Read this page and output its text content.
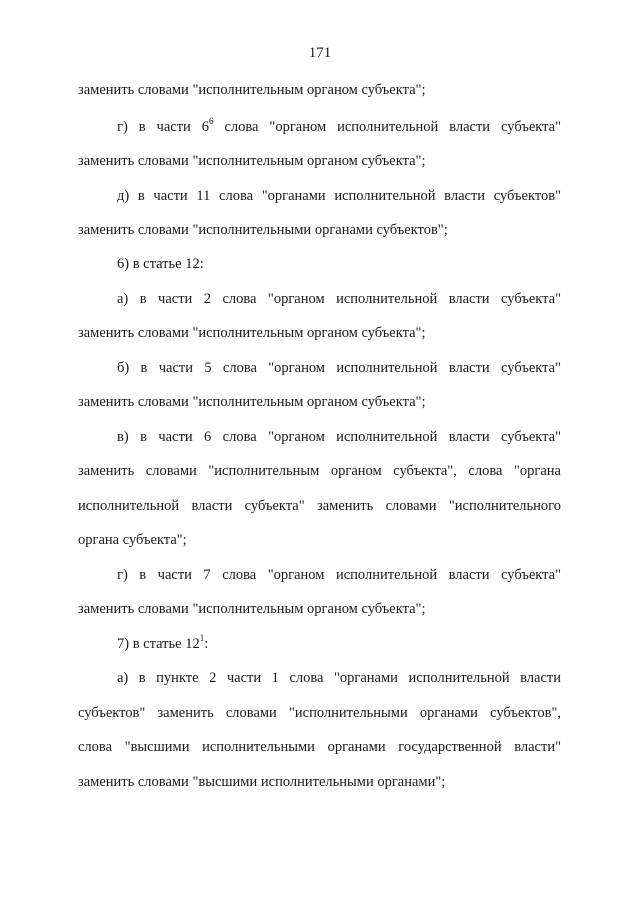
171
заменить словами "исполнительным органом субъекта";
г) в части $6^6$ слова "органом исполнительной власти субъекта"
заменить словами "исполнительным органом субъекта";
д) в части 11 слова "органами исполнительной власти субъектов"
заменить словами "исполнительными органами субъектов";
6) в статье 12:
а) в части 2 слова "органом исполнительной власти субъекта"
заменить словами "исполнительным органом субъекта";
б) в части 5 слова "органом исполнительной власти субъекта"
заменить словами "исполнительным органом субъекта";
в) в части 6 слова "органом исполнительной власти субъекта"
заменить словами "исполнительным органом субъекта", слова "органа
исполнительной власти субъекта" заменить словами "исполнительного
органа субъекта";
г) в части 7 слова "органом исполнительной власти субъекта"
заменить словами "исполнительным органом субъекта";
7) в статье $12^1$:
а) в пункте 2 части 1 слова "органами исполнительной власти
субъектов" заменить словами "исполнительными органами субъектов",
слова "высшими исполнительными органами государственной власти"
заменить словами "высшими исполнительными органами";
